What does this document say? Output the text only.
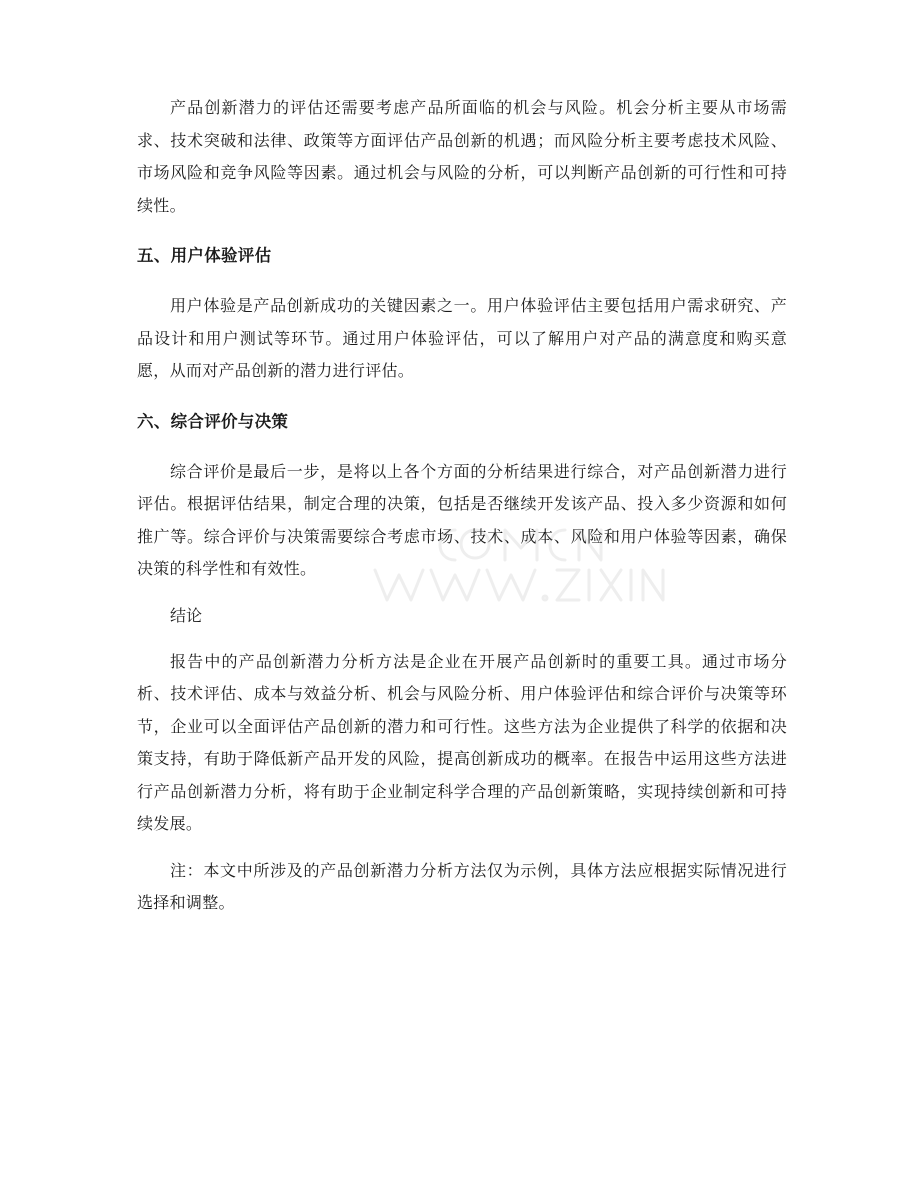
产品创新潜力的评估还需要考虑产品所面临的机会与风险。机会分析主要从市场需求、技术突破和法律、政策等方面评估产品创新的机遇；而风险分析主要考虑技术风险、市场风险和竞争风险等因素。通过机会与风险的分析，可以判断产品创新的可行性和可持续性。

五、用户体验评估

用户体验是产品创新成功的关键因素之一。用户体验评估主要包括用户需求研究、产品设计和用户测试等环节。通过用户体验评估，可以了解用户对产品的满意度和购买意愿，从而对产品创新的潜力进行评估。

六、综合评价与决策

综合评价是最后一步，是将以上各个方面的分析结果进行综合，对产品创新潜力进行评估。根据评估结果，制定合理的决策，包括是否继续开发该产品、投入多少资源和如何推广等。综合评价与决策需要综合考虑市场、技术、成本、风险和用户体验等因素，确保决策的科学性和有效性。

结论

报告中的产品创新潜力分析方法是企业在开展产品创新时的重要工具。通过市场分析、技术评估、成本与效益分析、机会与风险分析、用户体验评估和综合评价与决策等环节，企业可以全面评估产品创新的潜力和可行性。这些方法为企业提供了科学的依据和决策支持，有助于降低新产品开发的风险，提高创新成功的概率。在报告中运用这些方法进行产品创新潜力分析，将有助于企业制定科学合理的产品创新策略，实现持续创新和可持续发展。

注：本文中所涉及的产品创新潜力分析方法仅为示例，具体方法应根据实际情况进行选择和调整。
